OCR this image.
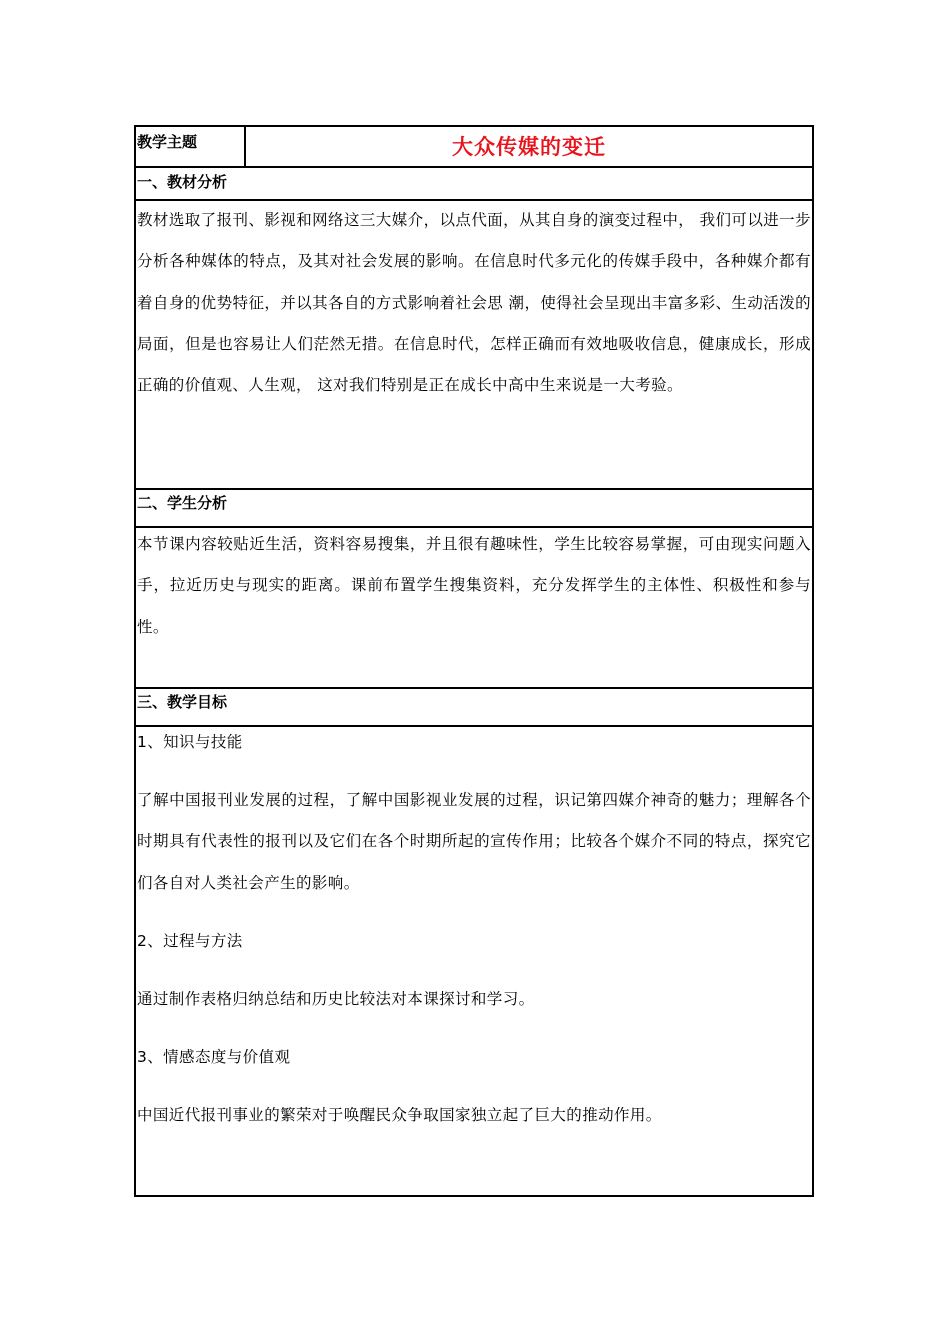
教学主题	大众传媒的变迁
一、教材分析
教材选取了报刊、影视和网络这三大媒介，以点代面，从其自身的演变过程中， 我们可以进一步分析各种媒体的特点，及其对社会发展的影响。在信息时代多元化的传媒手段中，各种媒介都有着自身的优势特征，并以其各自的方式影响着社会思 潮，使得社会呈现出丰富多彩、生动活泼的局面，但是也容易让人们茫然无措。在信息时代，怎样正确而有效地吸收信息，健康成长，形成正确的价值观、人生观， 这对我们特别是正在成长中高中生来说是一大考验。
二、学生分析
本节课内容较贴近生活，资料容易搜集，并且很有趣味性，学生比较容易掌握，可由现实问题入手，拉近历史与现实的距离。课前布置学生搜集资料，充分发挥学生的主体性、积极性和参与性。
三、教学目标
1、知识与技能
了解中国报刊业发展的过程，了解中国影视业发展的过程，识记第四媒介神奇的魅力；理解各个时期具有代表性的报刊以及它们在各个时期所起的宣传作用；比较各个媒介不同的特点，探究它们各自对人类社会产生的影响。
2、过程与方法
通过制作表格归纳总结和历史比较法对本课探讨和学习。
3、情感态度与价值观
中国近代报刊事业的繁荣对于唤醒民众争取国家独立起了巨大的推动作用。
